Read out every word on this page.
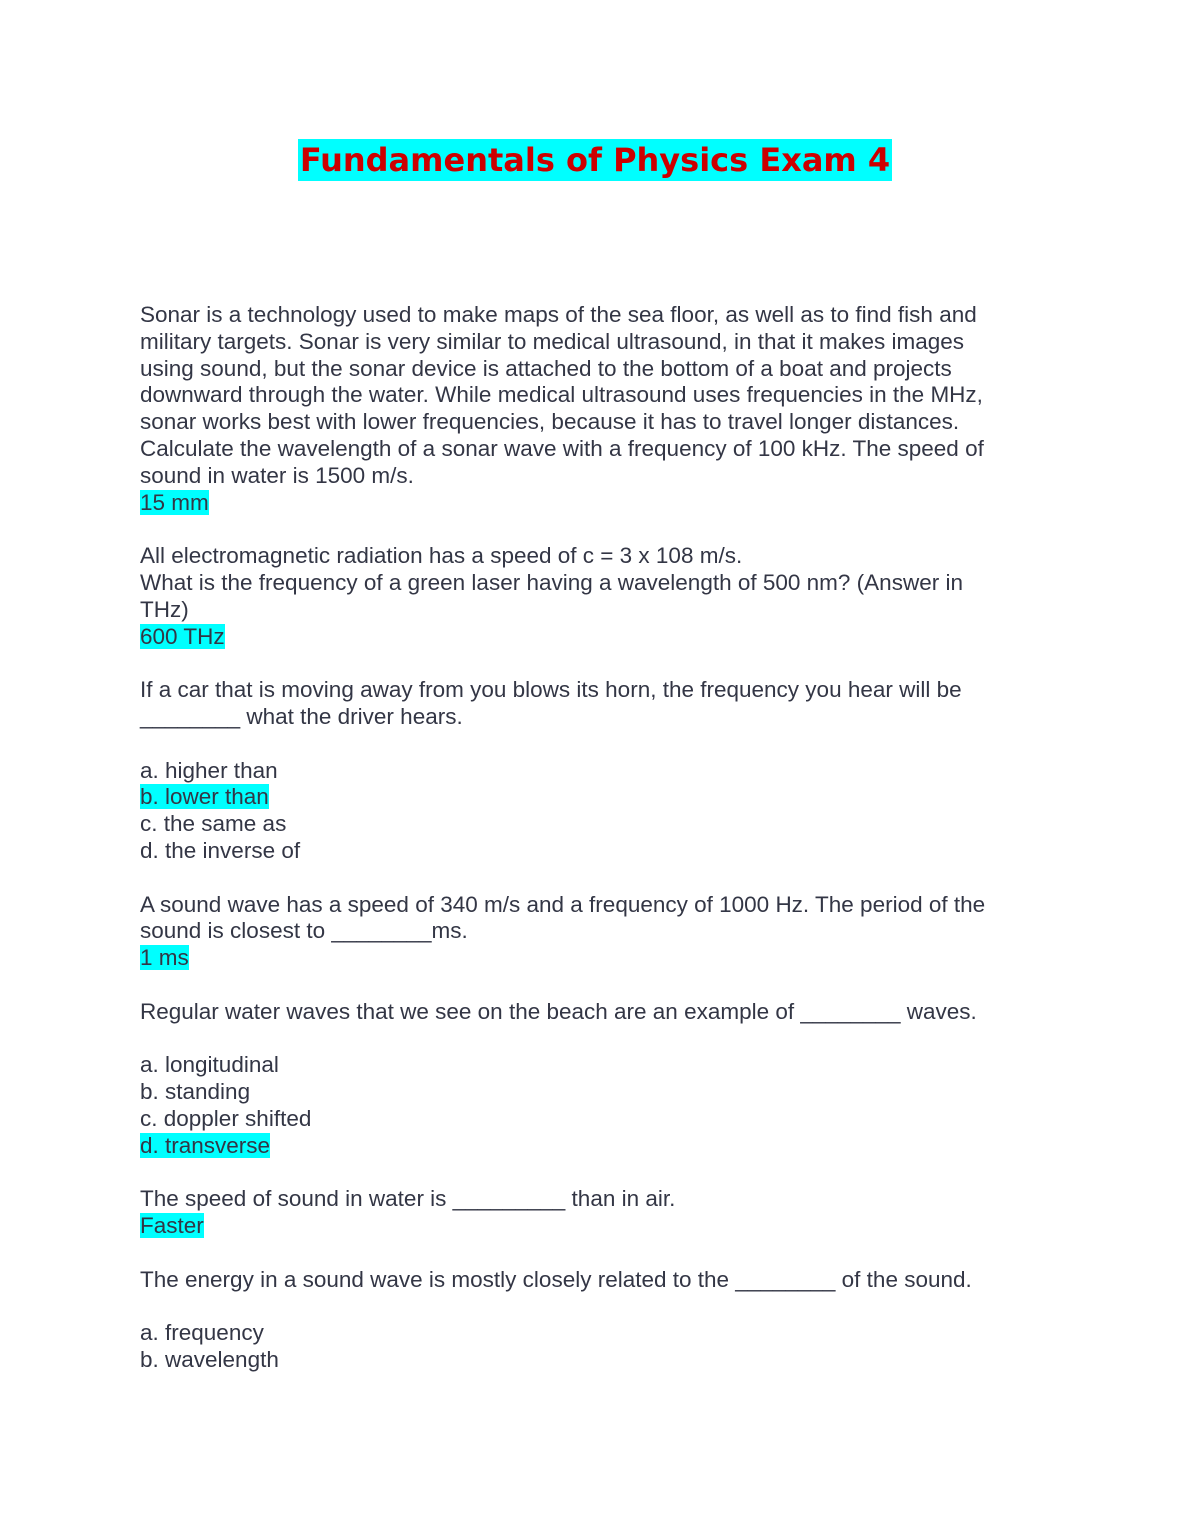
Fundamentals of Physics Exam 4
Sonar is a technology used to make maps of the sea floor, as well as to find fish and
military targets. Sonar is very similar to medical ultrasound, in that it makes images
using sound, but the sonar device is attached to the bottom of a boat and projects
downward through the water. While medical ultrasound uses frequencies in the MHz,
sonar works best with lower frequencies, because it has to travel longer distances.
Calculate the wavelength of a sonar wave with a frequency of 100 kHz. The speed of
sound in water is 1500 m/s.
15 mm
All electromagnetic radiation has a speed of c = 3 x 108 m/s.
What is the frequency of a green laser having a wavelength of 500 nm? (Answer in
THz)
600 THz
If a car that is moving away from you blows its horn, the frequency you hear will be
________ what the driver hears.
a. higher than
b. lower than
c. the same as
d. the inverse of
A sound wave has a speed of 340 m/s and a frequency of 1000 Hz. The period of the
sound is closest to ________ms.
1 ms
Regular water waves that we see on the beach are an example of ________ waves.
a. longitudinal
b. standing
c. doppler shifted
d. transverse
The speed of sound in water is _________ than in air.
Faster
The energy in a sound wave is mostly closely related to the ________ of the sound.
a. frequency
b. wavelength
